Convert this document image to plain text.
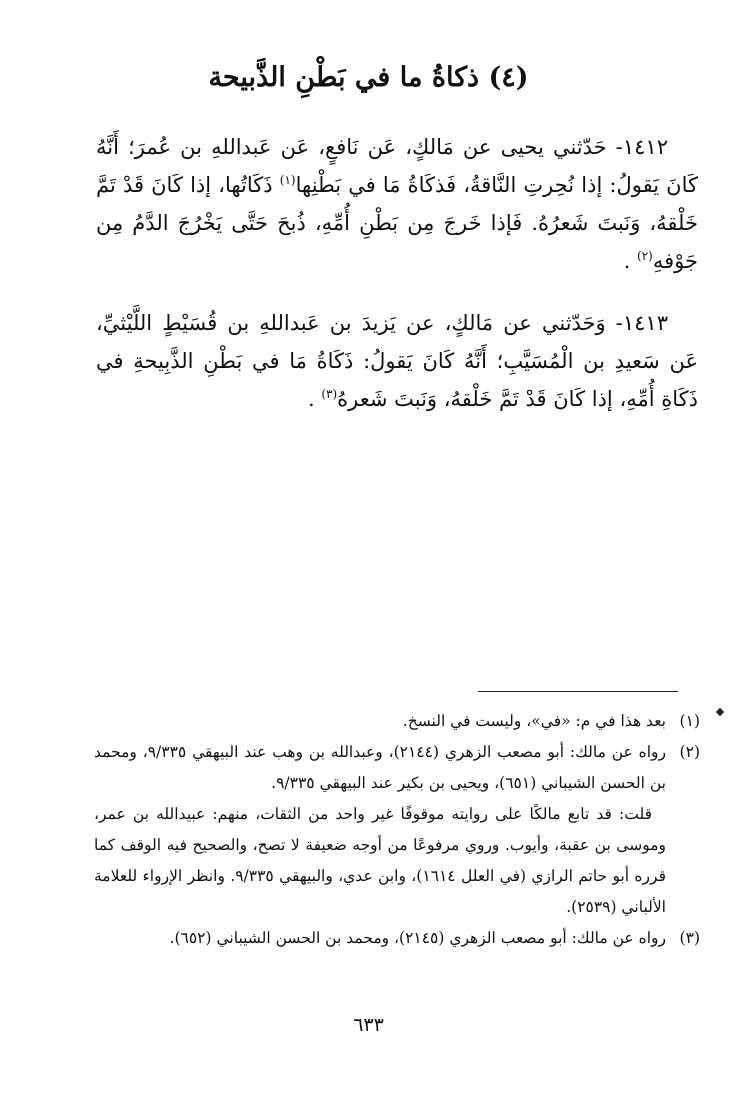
(٤) ذكاةُ ما في بَطْنِ الذَّبيحة

١٤١٢- حَدّثني يحيى عن مَالكٍ، عَن نَافعٍ، عَن عَبداللهِ بن عُمرَ؛ أَنَّهُ كَانَ يَقولُ: إذا نُحِرتِ النَّاقةُ، فَذكَاةُ مَا في بَطْنِها$^{(١)}$ ذَكَاتُها، إذا كَانَ قَدْ تَمَّ خَلْقهُ، وَنَبتَ شَعرُهُ. فَإذا خَرجَ مِن بَطْنِ أُمِّهِ، ذُبحَ حَتَّى يَخْرُجَ الدَّمُ مِن جَوْفهِ$^{(٢)}$ .

١٤١٣- وَحَدّثني عن مَالكٍ، عن يَزيدَ بن عَبداللهِ بن قُسَيْطٍ اللَّيْثيِّ، عَن سَعيدِ بن الْمُسَيَّبِ؛ أَنَّهُ كَانَ يَقولُ: ذَكَاةُ مَا في بَطْنِ الذَّبِيحةِ في ذَكَاةِ أُمِّهِ، إذا كَانَ قَدْ تَمَّ خَلْقهُ، وَنَبتَ شَعرهُ$^{(٣)}$ .

(١)
بعد هذا في م: «في»، وليست في النسخ.
(٢)
رواه عن مالك: أبو مصعب الزهري (٢١٤٤)، وعبدالله بن وهب عند البيهقي ٩/٣٣٥، ومحمد بن الحسن الشيباني (٦٥١)، ويحيى بن بكير عند البيهقي ٩/٣٣٥.
قلت: قد تابع مالكًا على روايته موقوفًا غير واحد من الثقات، منهم: عبيدالله بن عمر، وموسى بن عقبة، وأيوب. وروي مرفوعًا من أوجه ضعيفة لا تصح، والصحيح فيه الوقف كما قرره أبو حاتم الرازي (في العلل ١٦١٤)، وابن عدي، والبيهقي ٩/٣٣٥. وانظر الإرواء للعلامة الألباني (٢٥٣٩).
(٣)
رواه عن مالك: أبو مصعب الزهري (٢١٤٥)، ومحمد بن الحسن الشيباني (٦٥٢).
٦٣٣
